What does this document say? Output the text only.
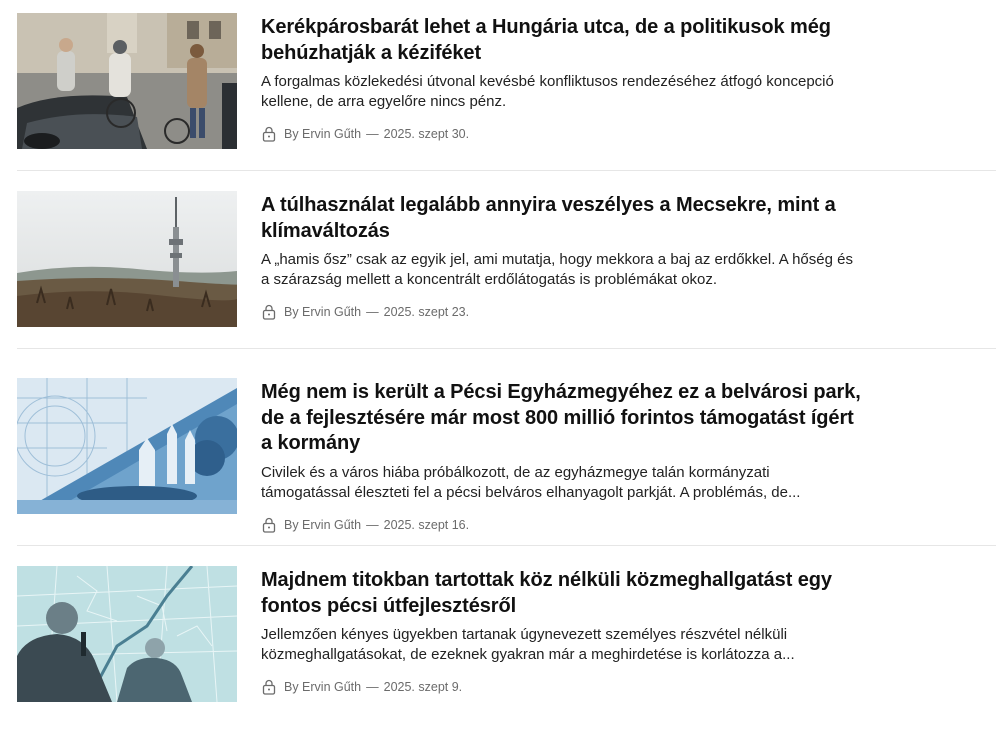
Kerékpárosbarát lehet a Hungária utca, de a politikusok még behúzhatják a kéziféket

A forgalmas közlekedési útvonal kevésbé konfliktusos rendezéséhez átfogó koncepció kellene, de arra egyelőre nincs pénz.

By Ervin Gűth — 2025. szept 30.
A túlhasználat legalább annyira veszélyes a Mecsekre, mint a klímaváltozás

A „hamis ősz” csak az egyik jel, ami mutatja, hogy mekkora a baj az erdőkkel. A hőség és a szárazság mellett a koncentrált erdőlátogatás is problémákat okoz.

By Ervin Gűth — 2025. szept 23.
Még nem is került a Pécsi Egyházmegyéhez ez a belvárosi park, de a fejlesztésére már most 800 millió forintos támogatást ígért a kormány

Civilek és a város hiába próbálkozott, de az egyházmegye talán kormányzati támogatással éleszteti fel a pécsi belváros elhanyagolt parkját. A problémás, de...

By Ervin Gűth — 2025. szept 16.
Majdnem titokban tartottak köz nélküli közmeghallgatást egy fontos pécsi útfejlesztésről

Jellemzően kényes ügyekben tartanak úgynevezett személyes részvétel nélküli közmeghallgatásokat, de ezeknek gyakran már a meghirdetése is korlátozza a...

By Ervin Gűth — 2025. szept 9.
